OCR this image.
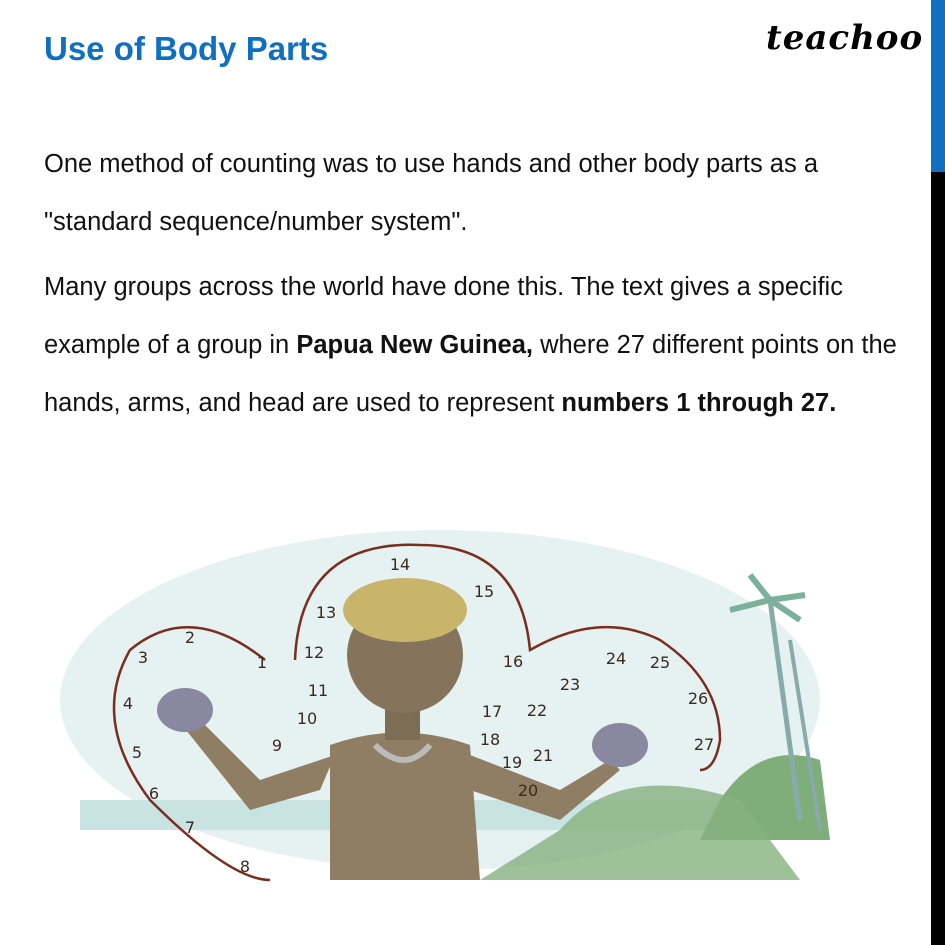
Use of Body Parts	teachoo
One method of counting was to use hands and other body parts as a "standard sequence/number system".
Many groups across the world have done this. The text gives a specific example of a group in Papua New Guinea, where 27 different points on the hands, arms, and head are used to represent numbers 1 through 27.
1
2
3
4
5
6
7
8
9
10
11
12
13
14
15
16
17
18
19
20
21
22
23
24 25
26
27
